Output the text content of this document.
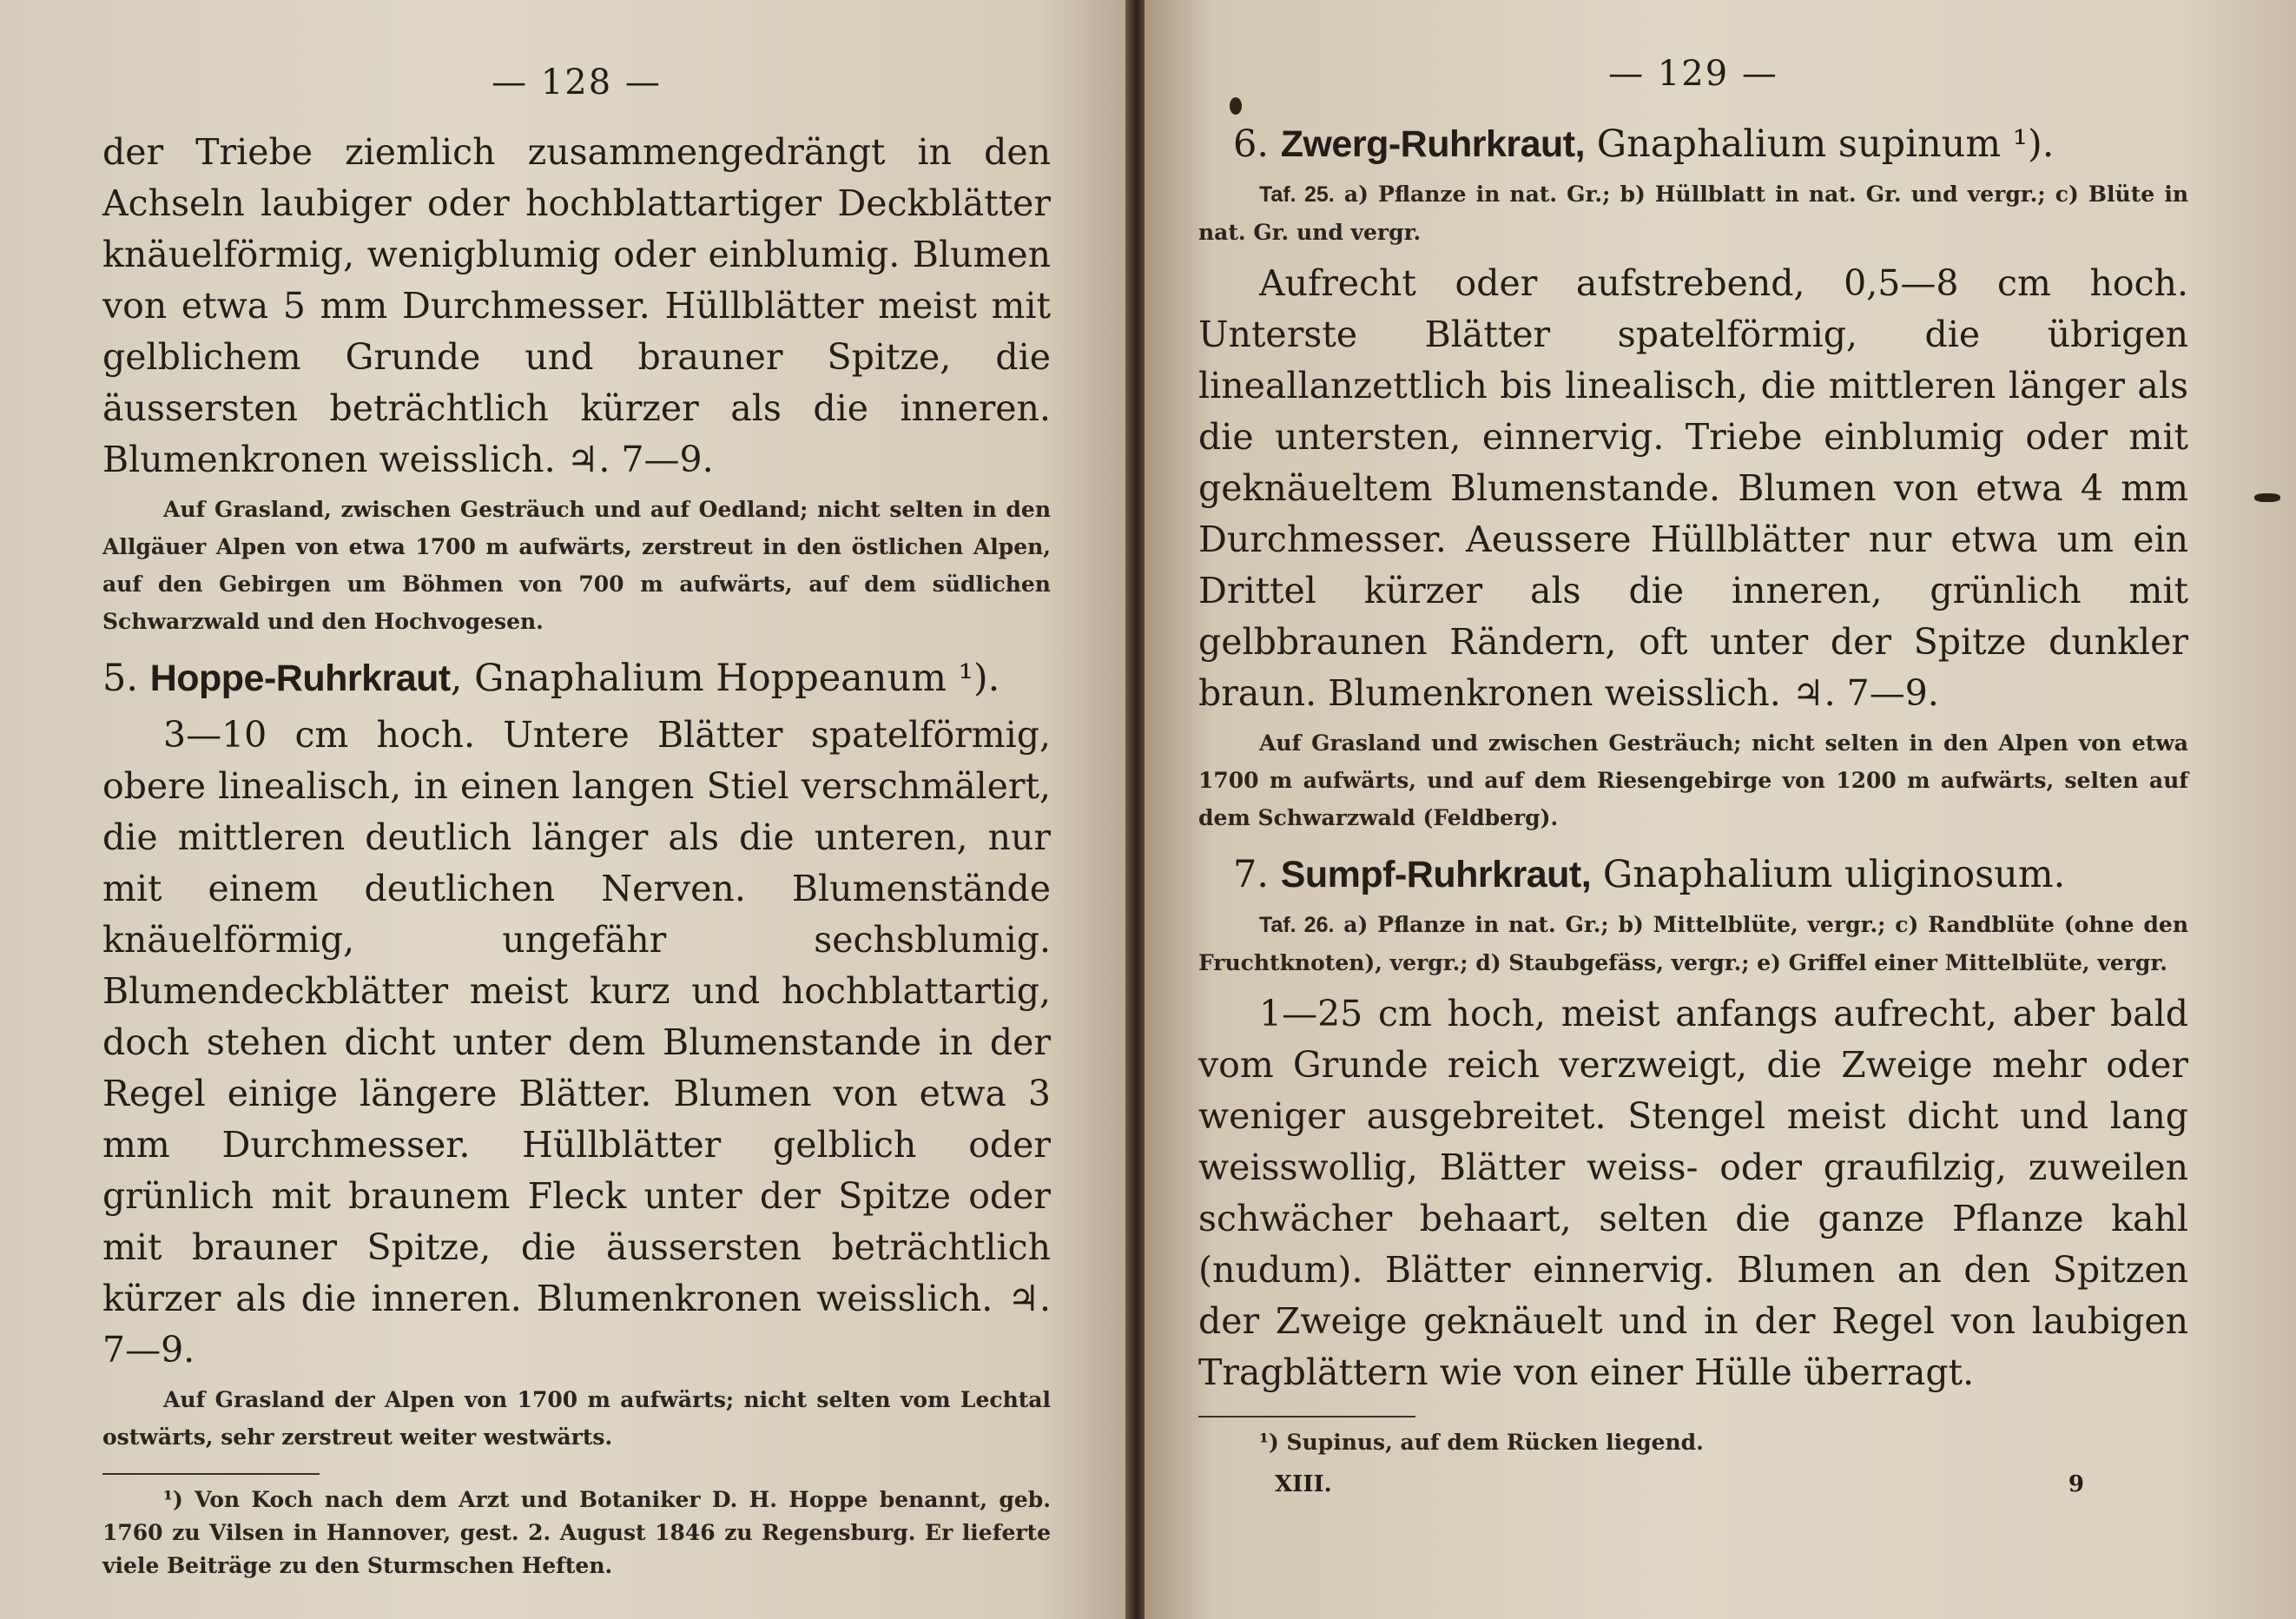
— 128 —

der Triebe ziemlich zusammengedrängt in den Achseln laubiger oder hochblattartiger Deckblätter knäuelförmig, wenigblumig oder einblumig. Blumen von etwa 5 mm Durchmesser. Hüllblätter meist mit gelblichem Grunde und brauner Spitze, die äussersten beträchtlich kürzer als die inneren. Blumenkronen weisslich. ♃. 7—9.

Auf Grasland, zwischen Gesträuch und auf Oedland; nicht selten in den Allgäuer Alpen von etwa 1700 m aufwärts, zerstreut in den östlichen Alpen, auf den Gebirgen um Böhmen von 700 m aufwärts, auf dem südlichen Schwarzwald und den Hochvogesen.

5. Hoppe-Ruhrkraut, Gnaphalium Hoppeanum ¹).

3—10 cm hoch. Untere Blätter spatelförmig, obere linealisch, in einen langen Stiel verschmälert, die mittleren deutlich länger als die unteren, nur mit einem deutlichen Nerven. Blumenstände knäuelförmig, ungefähr sechsblumig. Blumendeckblätter meist kurz und hochblattartig, doch stehen dicht unter dem Blumenstande in der Regel einige längere Blätter. Blumen von etwa 3 mm Durchmesser. Hüllblätter gelblich oder grünlich mit braunem Fleck unter der Spitze oder mit brauner Spitze, die äussersten beträchtlich kürzer als die inneren. Blumenkronen weisslich. ♃. 7—9.

Auf Grasland der Alpen von 1700 m aufwärts; nicht selten vom Lechtal ostwärts, sehr zerstreut weiter westwärts.

¹) Von Koch nach dem Arzt und Botaniker D. H. Hoppe benannt, geb. 1760 zu Vilsen in Hannover, gest. 2. August 1846 zu Regensburg. Er lieferte viele Beiträge zu den Sturmschen Heften.

— 129 —
6. Zwerg-Ruhrkraut, Gnaphalium supinum ¹).

Taf. 25. a) Pflanze in nat. Gr.; b) Hüllblatt in nat. Gr. und vergr.; c) Blüte in nat. Gr. und vergr.

Aufrecht oder aufstrebend, 0,5—8 cm hoch. Unterste Blätter spatelförmig, die übrigen lineallanzettlich bis linealisch, die mittleren länger als die untersten, einnervig. Triebe einblumig oder mit geknäueltem Blumenstande. Blumen von etwa 4 mm Durchmesser. Aeussere Hüllblätter nur etwa um ein Drittel kürzer als die inneren, grünlich mit gelbbraunen Rändern, oft unter der Spitze dunkler braun. Blumenkronen weisslich. ♃. 7—9.

Auf Grasland und zwischen Gesträuch; nicht selten in den Alpen von etwa 1700 m aufwärts, und auf dem Riesengebirge von 1200 m aufwärts, selten auf dem Schwarzwald (Feldberg).

7. Sumpf-Ruhrkraut, Gnaphalium uliginosum.

Taf. 26. a) Pflanze in nat. Gr.; b) Mittelblüte, vergr.; c) Randblüte (ohne den Fruchtknoten), vergr.; d) Staubgefäss, vergr.; e) Griffel einer Mittelblüte, vergr.

1—25 cm hoch, meist anfangs aufrecht, aber bald vom Grunde reich verzweigt, die Zweige mehr oder weniger ausgebreitet. Stengel meist dicht und lang weisswollig, Blätter weiss- oder graufilzig, zuweilen schwächer behaart, selten die ganze Pflanze kahl (nudum). Blätter einnervig. Blumen an den Spitzen der Zweige geknäuelt und in der Regel von laubigen Tragblättern wie von einer Hülle überragt.

¹) Supinus, auf dem Rücken liegend.

XIII.	9
